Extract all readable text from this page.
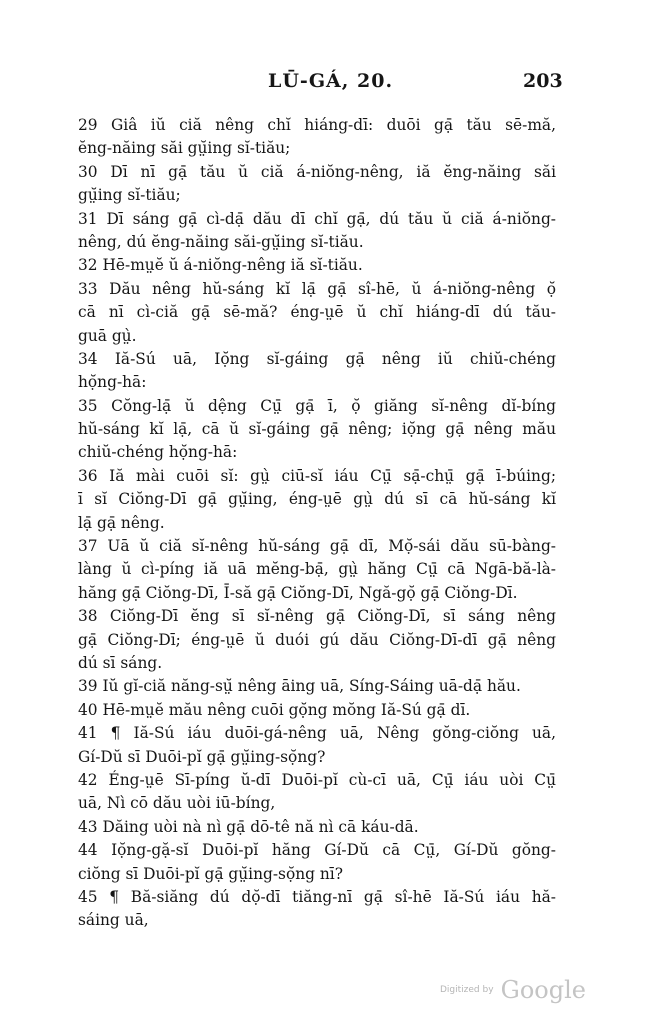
LŪ-GÁ, 20.	203
29 Giâ iŭ ciă nêng chĭ hiáng-dī: duōi gạ̄ tău sē-mă,
ĕng-năing săi gṳ̆ing sĭ-tiău;
30 Dī nī gạ̄ tău ŭ ciă á-niŏng-nêng, iă ĕng-năing săi
gṳ̆ing sĭ-tiău;
31 Dī sáng gạ̄ cì-dạ̄ dău dī chĭ gạ̄, dú tău ŭ ciă á-niŏng-
nêng, dú ĕng-năing săi-gṳ̆ing sĭ-tiău.
32 Hē-mṳĕ ŭ á-niŏng-nêng iă sĭ-tiău.
33 Dău nêng hŭ-sáng kĭ lạ̄ gạ̄ sî-hē, ŭ á-niŏng-nêng ọ̆
cā nī cì-ciă gạ̄ sē-mă? éng-ṳē ŭ chĭ hiáng-dī dú tău-
guā gṳ̀.
34 Iă-Sú uā, Iọ̆ng sĭ-gáing gạ̄ nêng iŭ chiŭ-chéng
họ̆ng-hā:
35 Cŏng-lạ̄ ŭ dệng Cṳ̄ gạ̄ ī, ọ̆ giăng sĭ-nêng dĭ-bíng
hŭ-sáng kĭ lạ̄, cā ŭ sĭ-gáing gạ̄ nêng; iọ̆ng gạ̄ nêng mău
chiŭ-chéng họ̆ng-hā:
36 Iă mài cuōi sĭ: gṳ̀ ciū-sĭ iáu Cṳ̄ sạ̄-chṳ̄ gạ̄ ī-búing;
ī sĭ Ciŏng-Dī gạ̄ gṳ̆ing, éng-ṳē gṳ̀ dú sī cā hŭ-sáng kĭ
lạ̄ gạ̄ nêng.
37 Uā ŭ ciă sĭ-nêng hŭ-sáng gạ̄ dī, Mọ̆-sái dău sū-bàng-
làng ŭ cì-píng iă uā mĕng-bạ̄, gṳ̀ hăng Cṳ̄ cā Ngā-bă-là-
hăng gạ̄ Ciŏng-Dī, Ī-să gạ̄ Ciŏng-Dī, Ngă-gọ̆ gạ̄ Ciŏng-Dī.
38 Ciŏng-Dī ĕng sī sĭ-nêng gạ̄ Ciŏng-Dī, sī sáng nêng
gạ̄ Ciŏng-Dī; éng-ṳē ŭ duói gú dău Ciŏng-Dī-dī gạ̄ nêng
dú sī sáng.
39 Iŭ gĭ-ciă năng-sṳ̆ nêng āing uā, Síng-Sáing uā-dạ̄ hău.
40 Hē-mṳĕ mău nêng cuōi gọ̆ng mŏng Iă-Sú gạ̄ dī.
41 ¶ Iă-Sú iáu duōi-gá-nêng uā, Nêng gŏng-ciŏng uā,
Gí-Dŭ sī Duōi-pĭ gạ̄ gṳ̆ing-sọ̆ng?
42 Éng-ṳē Sī-píng ŭ-dī Duōi-pĭ cù-cī uā, Cṳ̄ iáu uòi Cṳ̄
uā, Nì cō dău uòi iū-bíng,
43 Dăing uòi nà nì gạ̄ dō-tê nă nì cā káu-dā.
44 Iọ̆ng-gặ-sĭ Duōi-pĭ hăng Gí-Dŭ cā Cṳ̄, Gí-Dŭ gŏng-
ciŏng sī Duōi-pĭ gạ̄ gṳ̆ing-sọ̆ng nī?
45 ¶ Bă-siăng dú dọ̆-dī tiăng-nī gạ̄ sî-hē Iă-Sú iáu hă-
sáing uā,
Digitized by Google
